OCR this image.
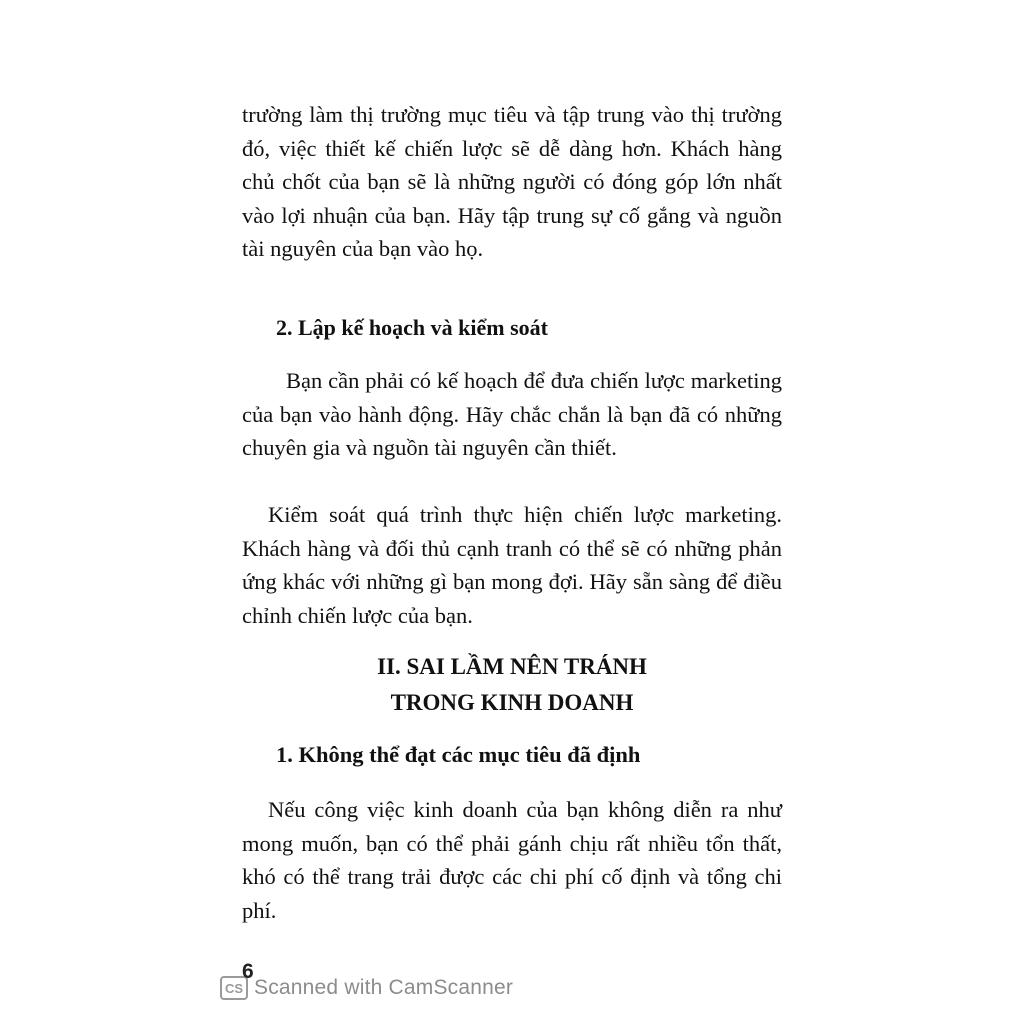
trường làm thị trường mục tiêu và tập trung vào thị trường đó, việc thiết kế chiến lược sẽ dễ dàng hơn. Khách hàng chủ chốt của bạn sẽ là những người có đóng góp lớn nhất vào lợi nhuận của bạn. Hãy tập trung sự cố gắng và nguồn tài nguyên của bạn vào họ.

2. Lập kế hoạch và kiểm soát

Bạn cần phải có kế hoạch để đưa chiến lược marketing của bạn vào hành động. Hãy chắc chắn là bạn đã có những chuyên gia và nguồn tài nguyên cần thiết.

Kiểm soát quá trình thực hiện chiến lược marketing. Khách hàng và đối thủ cạnh tranh có thể sẽ có những phản ứng khác với những gì bạn mong đợi. Hãy sẵn sàng để điều chỉnh chiến lược của bạn.

II. SAI LẦM NÊN TRÁNH
TRONG KINH DOANH
1. Không thể đạt các mục tiêu đã định

Nếu công việc kinh doanh của bạn không diễn ra như mong muốn, bạn có thể phải gánh chịu rất nhiều tổn thất, khó có thể trang trải được các chi phí cố định và tổng chi phí.

CS Scanned with CamScanner
6
